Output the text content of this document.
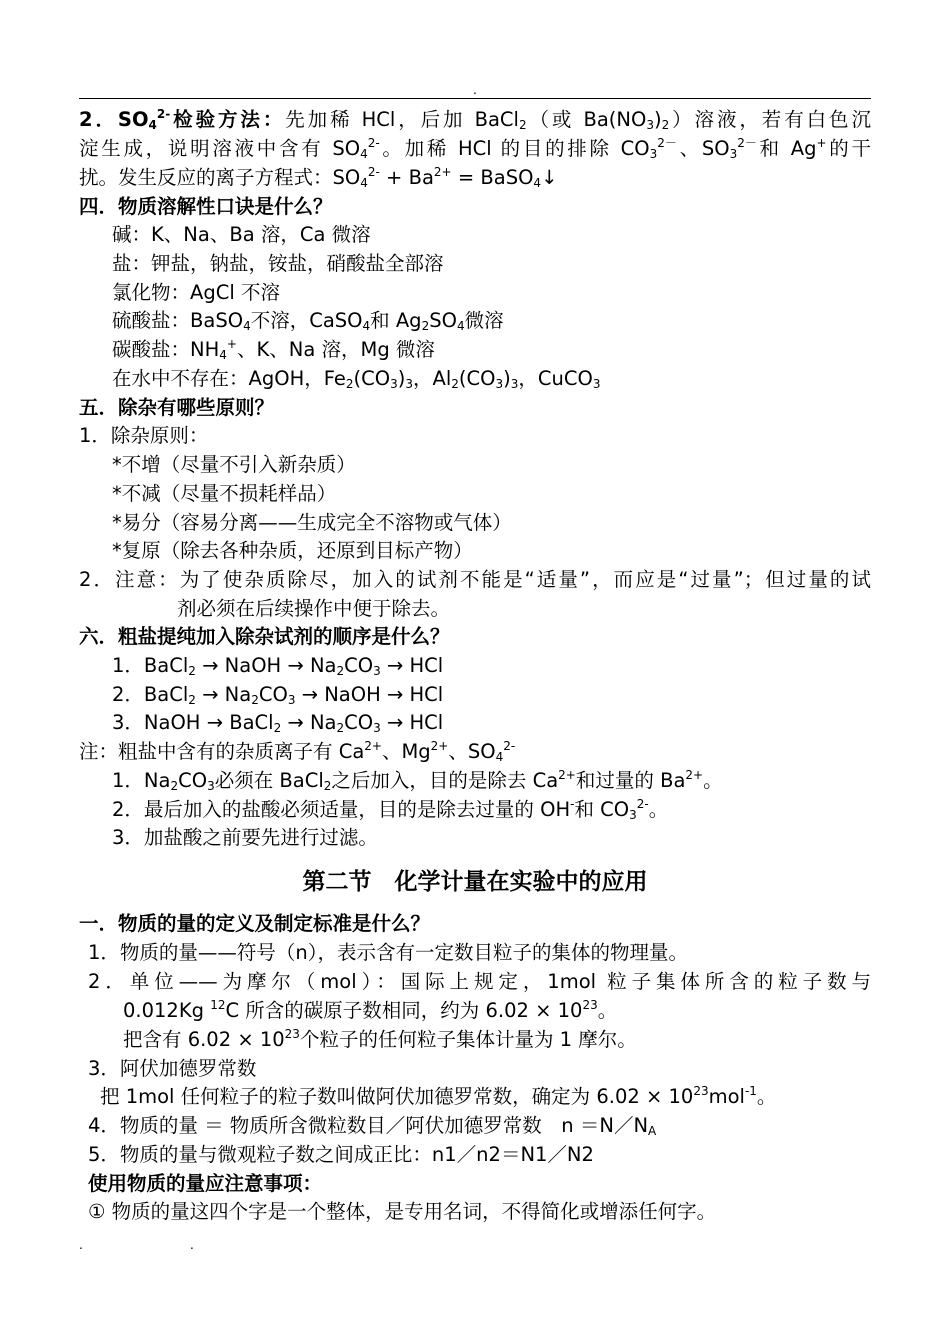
.
2．$SO_4^{2-}$检验方法：先加稀 HCl，后加 BaCl$_2$（或 $Ba(NO_3)_2$）溶液，若有白色沉
淀生成，说明溶液中含有 $SO_4^{2-}$。加稀 HCl 的目的排除 $CO_3^{2-}$、$SO_3^{2-}$和 Ag+的干
扰。发生反应的离子方程式：$SO_4^{2-} + Ba^{2+}$ = BaSO$_4$↓
四．物质溶解性口诀是什么？
碱：K、Na、Ba 溶，Ca 微溶
盐：钾盐，钠盐，铵盐，硝酸盐全部溶
氯化物：AgCl 不溶
硫酸盐：BaSO$_4$不溶，CaSO$_4$和 $Ag_2SO_4$微溶
碳酸盐：$NH_4^+$、K、Na 溶，Mg 微溶
在水中不存在：AgOH，$Fe_2(CO_3)_3$，$Al_2(CO_3)_3$，CuCO$_3$
五．除杂有哪些原则？
1．除杂原则：
*不增（尽量不引入新杂质）
*不减（尽量不损耗样品）
*易分（容易分离——生成完全不溶物或气体）
*复原（除去各种杂质，还原到目标产物）
2．注意：为了使杂质除尽，加入的试剂不能是“适量”，而应是“过量”；但过量的试
剂必须在后续操作中便于除去。
六．粗盐提纯加入除杂试剂的顺序是什么？
1．BaCl$_2$ → NaOH → $Na_2CO_3$ → HCl
2．BaCl$_2$ → $Na_2CO_3$ → NaOH → HCl
3．NaOH → BaCl$_2$ → $Na_2CO_3$ → HCl
注：粗盐中含有的杂质离子有 $Ca^{2+}$、$Mg^{2+}$、$SO_4^{2-}$
1．$Na_2CO_3$必须在 BaCl$_2$之后加入，目的是除去 $Ca^{2+}$和过量的 $Ba^{2+}$。
2．最后加入的盐酸必须适量，目的是除去过量的 OH-和 $CO_3^{2-}$。
3．加盐酸之前要先进行过滤。
一．物质的量的定义及制定标准是什么？
1．物质的量——符号（n），表示含有一定数目粒子的集体的物理量。
2．单位——为摩尔（mol）：国际上规定，1mol 粒子集体所含的粒子数与
0.012Kg $^{12}$C 所含的碳原子数相同，约为 $6.02 \times 10^{23}$。
把含有 $6.02 \times 10^{23}$个粒子的任何粒子集体计量为 1 摩尔。
3．阿伏加德罗常数
把 1mol 任何粒子的粒子数叫做阿伏加德罗常数，确定为 $6.02 \times 10^{23}mol^{-1}$。
4．物质的量 ＝ 物质所含微粒数目／阿伏加德罗常数　$n =N/N_A$
5．物质的量与微观粒子数之间成正比：n1／n2＝N1／N2
使用物质的量应注意事项：
① 物质的量这四个字是一个整体，是专用名词，不得简化或增添任何字。
第二节　化学计量在实验中的应用
.	.
